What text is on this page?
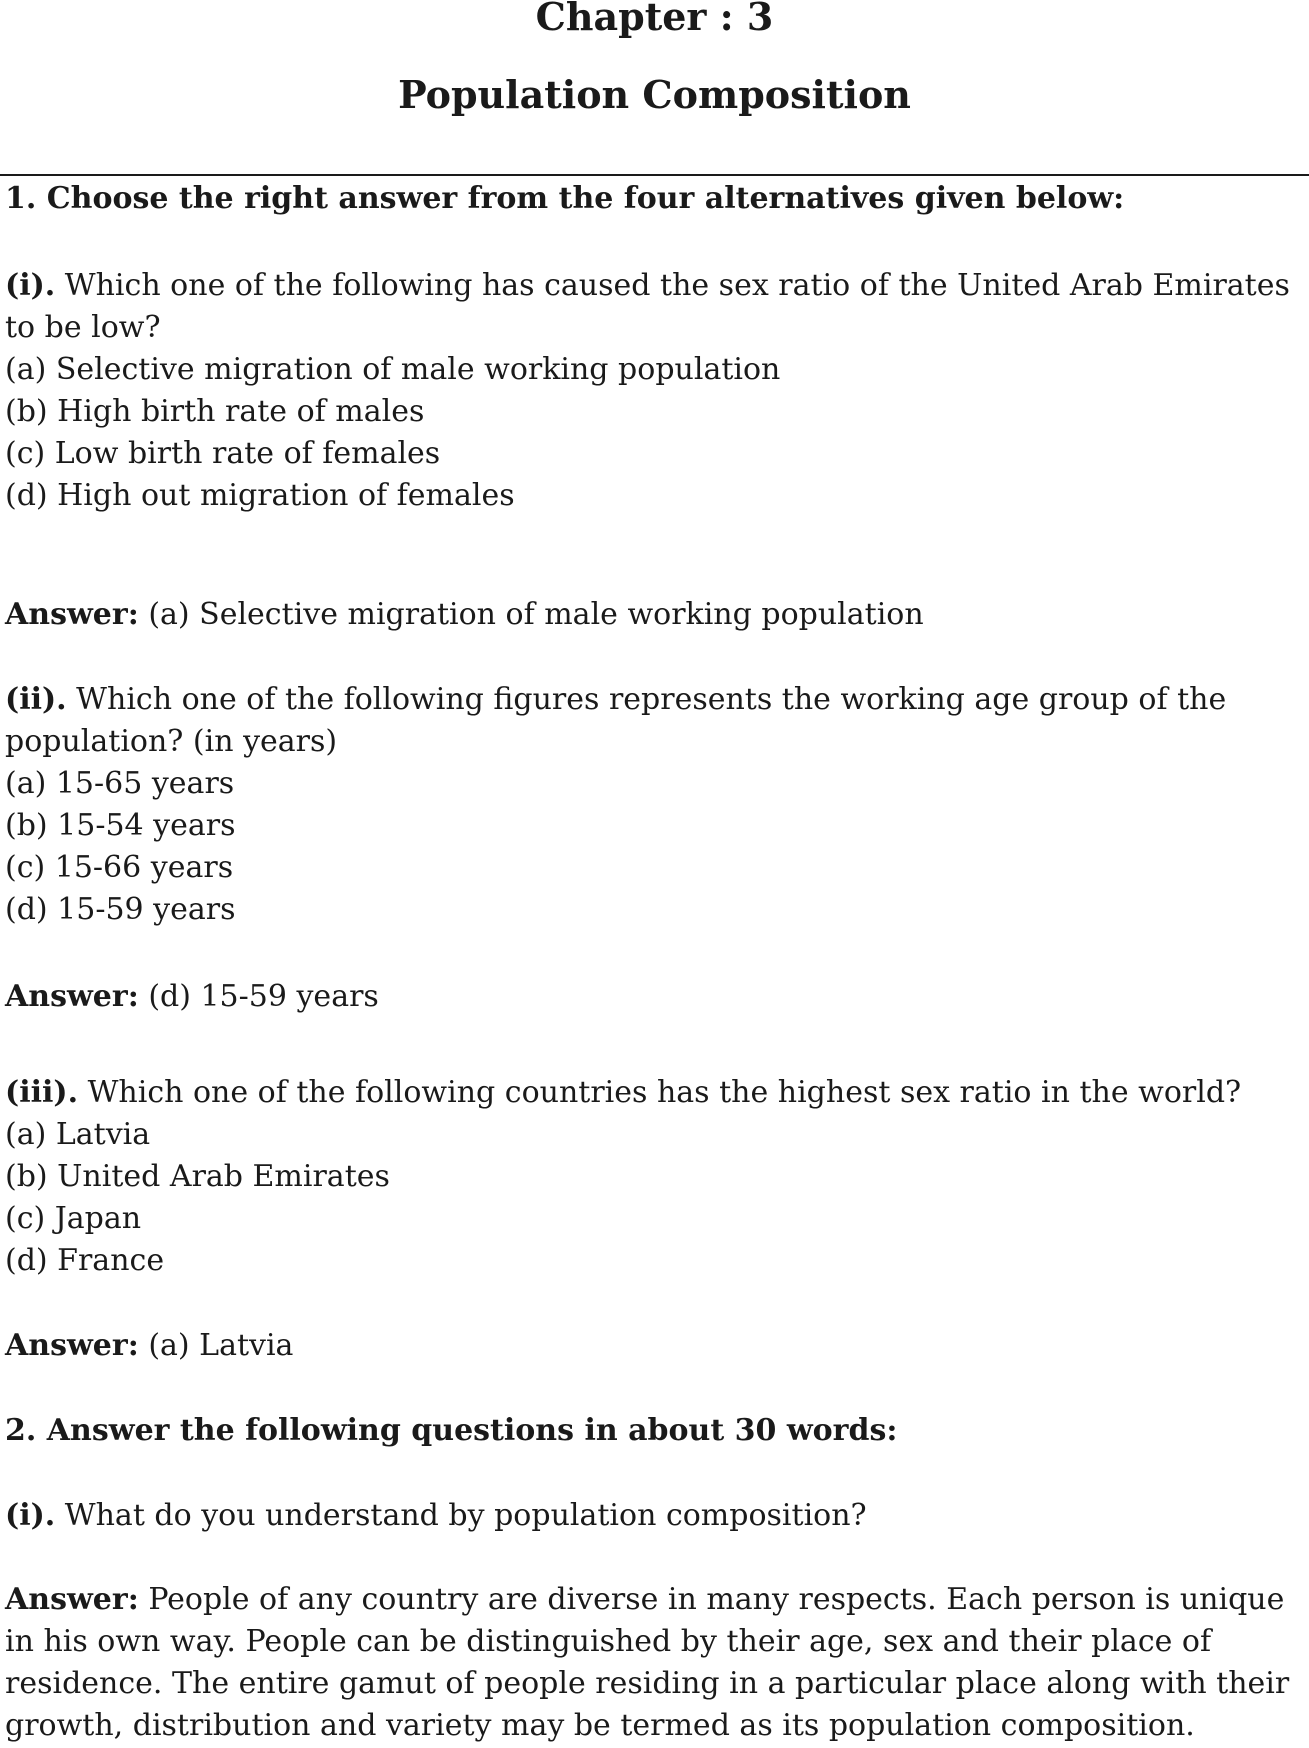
Chapter : 3
Population Composition
1. Choose the right answer from the four alternatives given below:
(i). Which one of the following has caused the sex ratio of the United Arab Emirates
to be low?
(a) Selective migration of male working population
(b) High birth rate of males
(c) Low birth rate of females
(d) High out migration of females
Answer: (a) Selective migration of male working population
(ii). Which one of the following figures represents the working age group of the
population? (in years)
(a) 15-65 years
(b) 15-54 years
(c) 15-66 years
(d) 15-59 years
Answer: (d) 15-59 years
(iii). Which one of the following countries has the highest sex ratio in the world?
(a) Latvia
(b) United Arab Emirates
(c) Japan
(d) France
Answer: (a) Latvia
2. Answer the following questions in about 30 words:
(i). What do you understand by population composition?
Answer: People of any country are diverse in many respects. Each person is unique
in his own way. People can be distinguished by their age, sex and their place of
residence. The entire gamut of people residing in a particular place along with their
growth, distribution and variety may be termed as its population composition.
